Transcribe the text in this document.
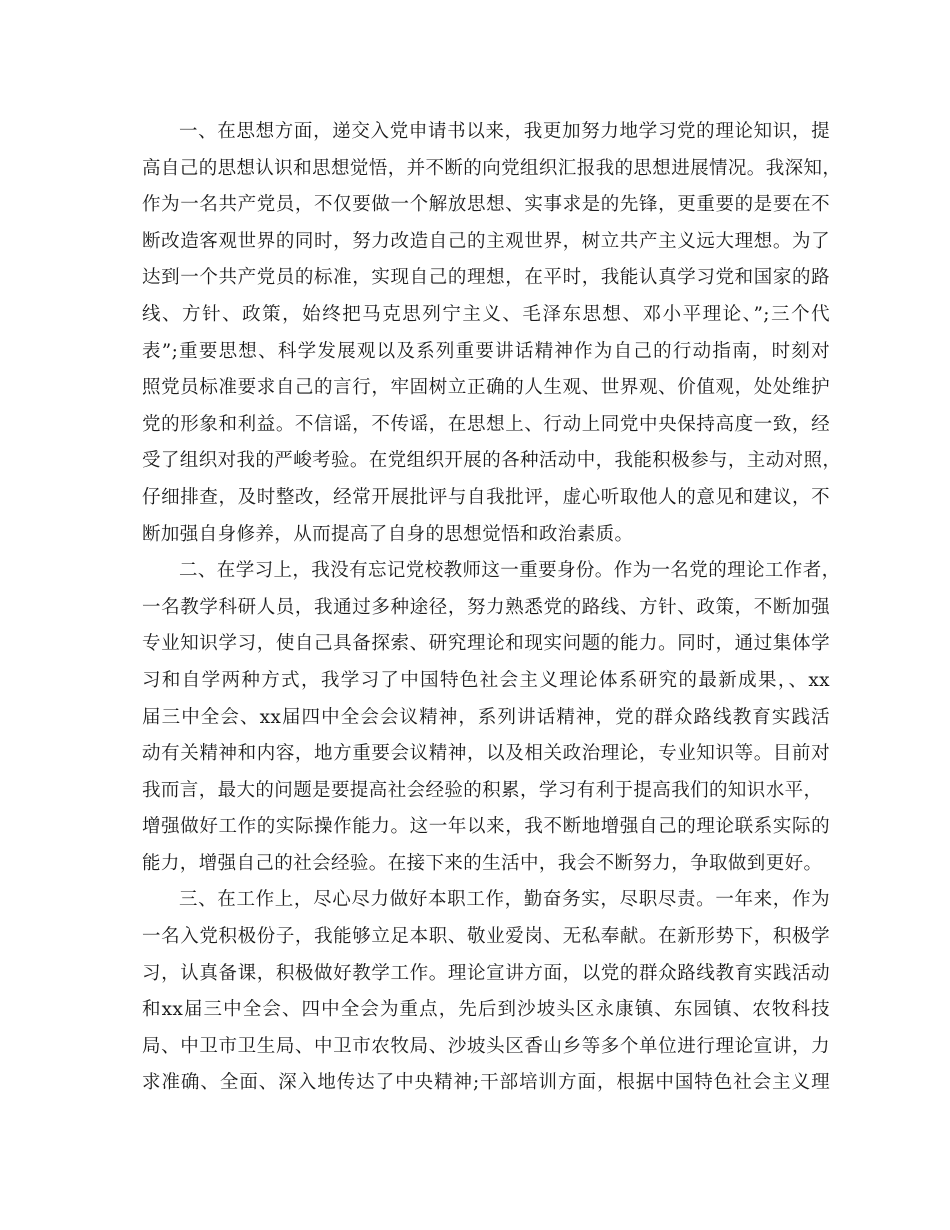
一、在思想方面，递交入党申请书以来，我更加努力地学习党的理论知识，提
高自己的思想认识和思想觉悟，并不断的向党组织汇报我的思想进展情况。我深知，
作为一名共产党员，不仅要做一个解放思想、实事求是的先锋，更重要的是要在不
断改造客观世界的同时，努力改造自己的主观世界，树立共产主义远大理想。为了
达到一个共产党员的标准，实现自己的理想，在平时，我能认真学习党和国家的路
线、方针、政策，始终把马克思列宁主义、毛泽东思想、邓小平理论、”;三个代
表”;重要思想、科学发展观以及系列重要讲话精神作为自己的行动指南，时刻对
照党员标准要求自己的言行，牢固树立正确的人生观、世界观、价值观，处处维护
党的形象和利益。不信谣，不传谣，在思想上、行动上同党中央保持高度一致，经
受了组织对我的严峻考验。在党组织开展的各种活动中，我能积极参与，主动对照，
仔细排查，及时整改，经常开展批评与自我批评，虚心听取他人的意见和建议，不
断加强自身修养，从而提高了自身的思想觉悟和政治素质。
二、在学习上，我没有忘记党校教师这一重要身份。作为一名党的理论工作者，
一名教学科研人员，我通过多种途径，努力熟悉党的路线、方针、政策，不断加强
专业知识学习，使自己具备探索、研究理论和现实问题的能力。同时，通过集体学
习和自学两种方式，我学习了中国特色社会主义理论体系研究的最新成果，、xx
届三中全会、xx届四中全会会议精神，系列讲话精神，党的群众路线教育实践活
动有关精神和内容，地方重要会议精神，以及相关政治理论，专业知识等。目前对
我而言，最大的问题是要提高社会经验的积累，学习有利于提高我们的知识水平，
增强做好工作的实际操作能力。这一年以来，我不断地增强自己的理论联系实际的
能力，增强自己的社会经验。在接下来的生活中，我会不断努力，争取做到更好。
三、在工作上，尽心尽力做好本职工作，勤奋务实，尽职尽责。一年来，作为
一名入党积极份子，我能够立足本职、敬业爱岗、无私奉献。在新形势下，积极学
习，认真备课，积极做好教学工作。理论宣讲方面，以党的群众路线教育实践活动
和xx届三中全会、四中全会为重点，先后到沙坡头区永康镇、东园镇、农牧科技
局、中卫市卫生局、中卫市农牧局、沙坡头区香山乡等多个单位进行理论宣讲，力
求准确、全面、深入地传达了中央精神;干部培训方面，根据中国特色社会主义理
